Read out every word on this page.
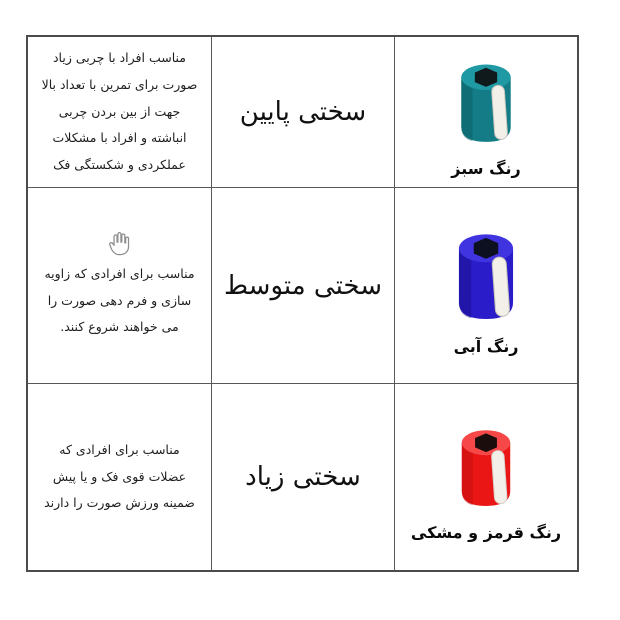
مناسب افراد با چربی زیاد صورت برای تمرین با تعداد بالا جهت از بین بردن چربی انباشته و افراد با مشکلات عملکردی و شکستگی فک
سختی پایین
رنگ سبز
مناسب برای افرادی که زاویه سازی و فرم دهی صورت را می خواهند شروع کنند.
سختی متوسط
رنگ آبی
مناسب برای افرادی که عضلات قوی فک و یا پیش ضمینه ورزش صورت را دارند
سختی زیاد
رنگ قرمز و مشکی
